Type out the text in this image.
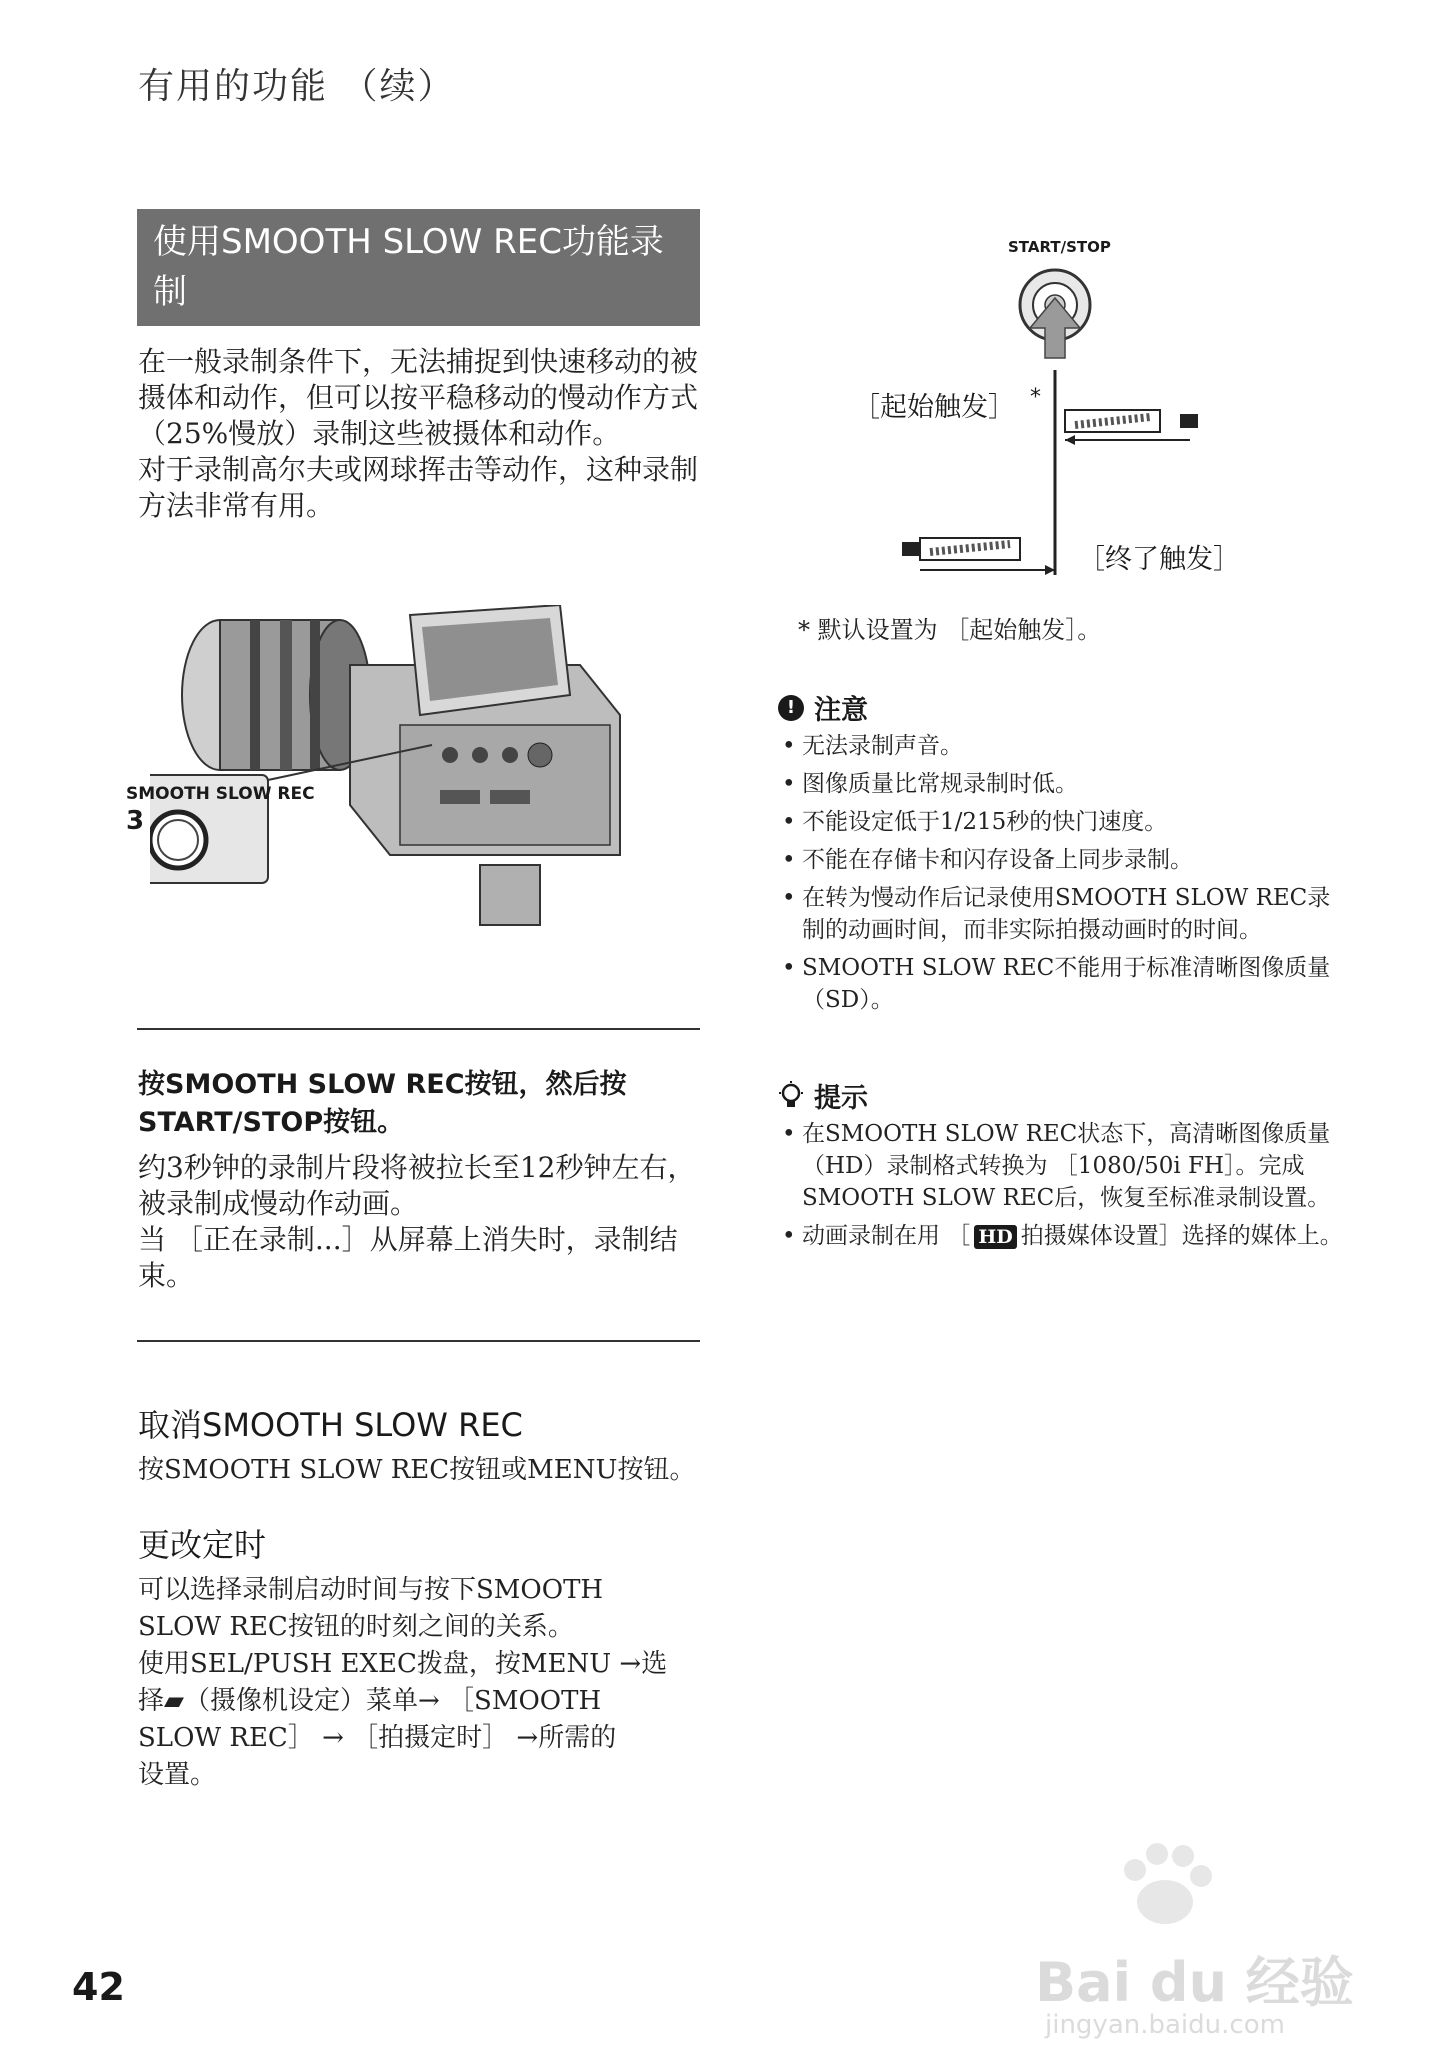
有用的功能 （续）
使用SMOOTH SLOW REC功能录制
在一般录制条件下，无法捕捉到快速移动的被摄体和动作，但可以按平稳移动的慢动作方式 （25%慢放）录制这些被摄体和动作。
对于录制高尔夫或网球挥击等动作，这种录制方法非常有用。
SMOOTH SLOW REC
3
按SMOOTH SLOW REC按钮，然后按START/STOP按钮。
约3秒钟的录制片段将被拉长至12秒钟左右，被录制成慢动作动画。
当 ［正在录制...］从屏幕上消失时，录制结束。
取消SMOOTH SLOW REC
按SMOOTH SLOW REC按钮或MENU按钮。
更改定时
可以选择录制启动时间与按下SMOOTH
SLOW REC按钮的时刻之间的关系。
使用SEL/PUSH EXEC拨盘，按MENU →选
择▰（摄像机设定）菜单→ ［SMOOTH
SLOW REC］ → ［拍摄定时］ →所需的
设置。
START/STOP
［起始触发］ *
［终了触发］
* 默认设置为 ［起始触发］。
! 注意
• 无法录制声音。
• 图像质量比常规录制时低。
• 不能设定低于1/215秒的快门速度。
• 不能在存储卡和闪存设备上同步录制。
• 在转为慢动作后记录使用SMOOTH SLOW REC录制的动画时间，而非实际拍摄动画时的时间。
• SMOOTH SLOW REC不能用于标准清晰图像质量 （SD）。
提示
• 在SMOOTH SLOW REC状态下，高清晰图像质量 （HD）录制格式转换为 ［1080/50i FH］。完成SMOOTH SLOW REC后，恢复至标准录制设置。
• 动画录制在用 ［ HD 拍摄媒体设置］选择的媒体上。
42	Bai du 经验
jingyan.baidu.com
